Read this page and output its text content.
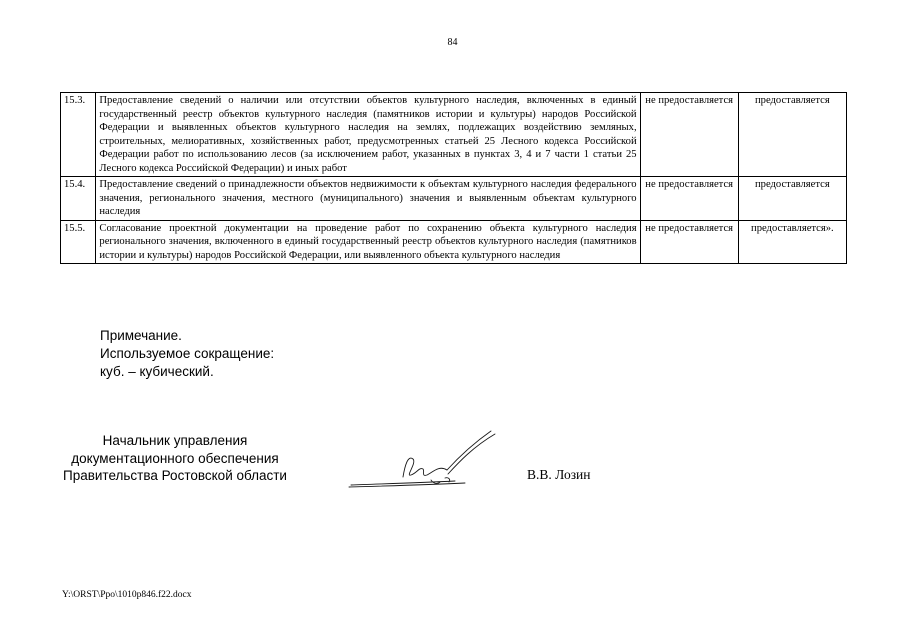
84
15.3.	Предоставление сведений о наличии или отсутствии объектов культурного наследия, включенных в единый государственный реестр объектов культурного наследия (памятников истории и культуры) народов Российской Федерации и выявленных объектов культурного наследия на землях, подлежащих воздействию земляных, строительных, мелиоративных, хозяйственных работ, предусмотренных статьей 25 Лесного кодекса Российской Федерации работ по использованию лесов (за исключением работ, указанных в пунктах 3, 4 и 7 части 1 статьи 25 Лесного кодекса Российской Федерации) и иных работ	не предоставляется	предоставляется
15.4.	Предоставление сведений о принадлежности объектов недвижимости к объектам культурного наследия федерального значения, регионального значения, местного (муниципального) значения и выявленным объектам культурного наследия	не предоставляется	предоставляется
15.5.	Согласование проектной документации на проведение работ по сохранению объекта культурного наследия регионального значения, включенного в единый государственный реестр объектов культурного наследия (памятников истории и культуры) народов Российской Федерации, или выявленного объекта культурного наследия	не предоставляется	предоставляется».
Примечание.
Используемое сокращение:
куб. – кубический.
Начальник управления
документационного обеспечения
Правительства Ростовской области	В.В. Лозин
Y:\ORST\Ppo\1010p846.f22.docx
